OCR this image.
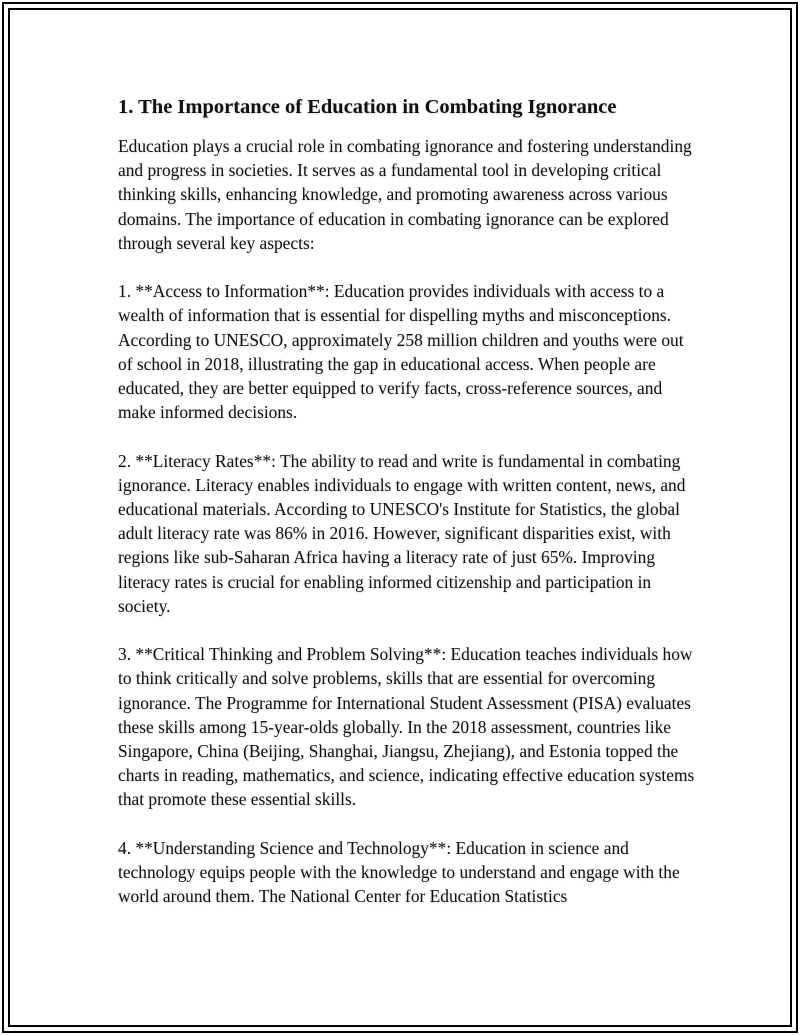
1. The Importance of Education in Combating Ignorance

Education plays a crucial role in combating ignorance and fostering understanding and progress in societies. It serves as a fundamental tool in developing critical thinking skills, enhancing knowledge, and promoting awareness across various domains. The importance of education in combating ignorance can be explored through several key aspects:

1. **Access to Information**: Education provides individuals with access to a wealth of information that is essential for dispelling myths and misconceptions. According to UNESCO, approximately 258 million children and youths were out of school in 2018, illustrating the gap in educational access. When people are educated, they are better equipped to verify facts, cross-reference sources, and make informed decisions.

2. **Literacy Rates**: The ability to read and write is fundamental in combating ignorance. Literacy enables individuals to engage with written content, news, and educational materials. According to UNESCO's Institute for Statistics, the global adult literacy rate was 86% in 2016. However, significant disparities exist, with regions like sub-Saharan Africa having a literacy rate of just 65%. Improving literacy rates is crucial for enabling informed citizenship and participation in society.

3. **Critical Thinking and Problem Solving**: Education teaches individuals how to think critically and solve problems, skills that are essential for overcoming ignorance. The Programme for International Student Assessment (PISA) evaluates these skills among 15-year-olds globally. In the 2018 assessment, countries like Singapore, China (Beijing, Shanghai, Jiangsu, Zhejiang), and Estonia topped the charts in reading, mathematics, and science, indicating effective education systems that promote these essential skills.

4. **Understanding Science and Technology**: Education in science and technology equips people with the knowledge to understand and engage with the world around them. The National Center for Education Statistics
